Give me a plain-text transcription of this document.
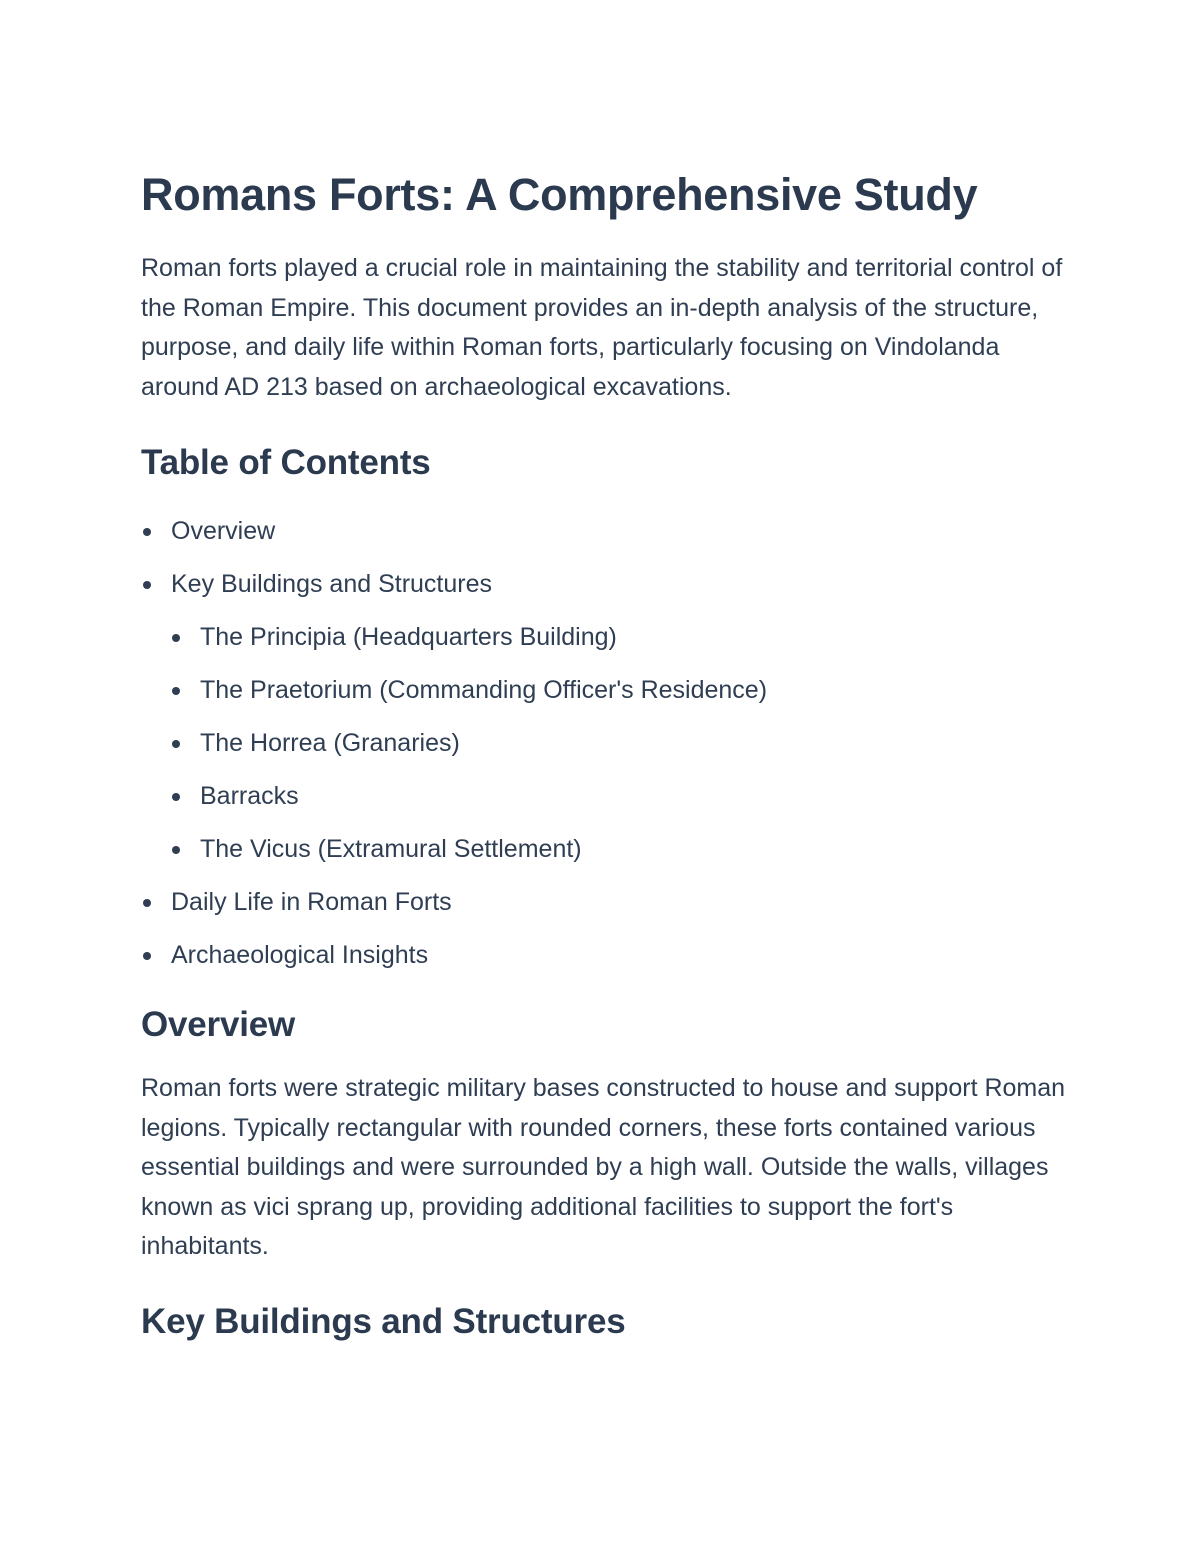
Romans Forts: A Comprehensive Study

Roman forts played a crucial role in maintaining the stability and territorial control of the Roman Empire. This document provides an in-depth analysis of the structure, purpose, and daily life within Roman forts, particularly focusing on Vindolanda around AD 213 based on archaeological excavations.

Table of Contents
Overview
Key Buildings and Structures
The Principia (Headquarters Building)
The Praetorium (Commanding Officer's Residence)
The Horrea (Granaries)
Barracks
The Vicus (Extramural Settlement)
Daily Life in Roman Forts
Archaeological Insights
Overview

Roman forts were strategic military bases constructed to house and support Roman legions. Typically rectangular with rounded corners, these forts contained various essential buildings and were surrounded by a high wall. Outside the walls, villages known as vici sprang up, providing additional facilities to support the fort's inhabitants.

Key Buildings and Structures
